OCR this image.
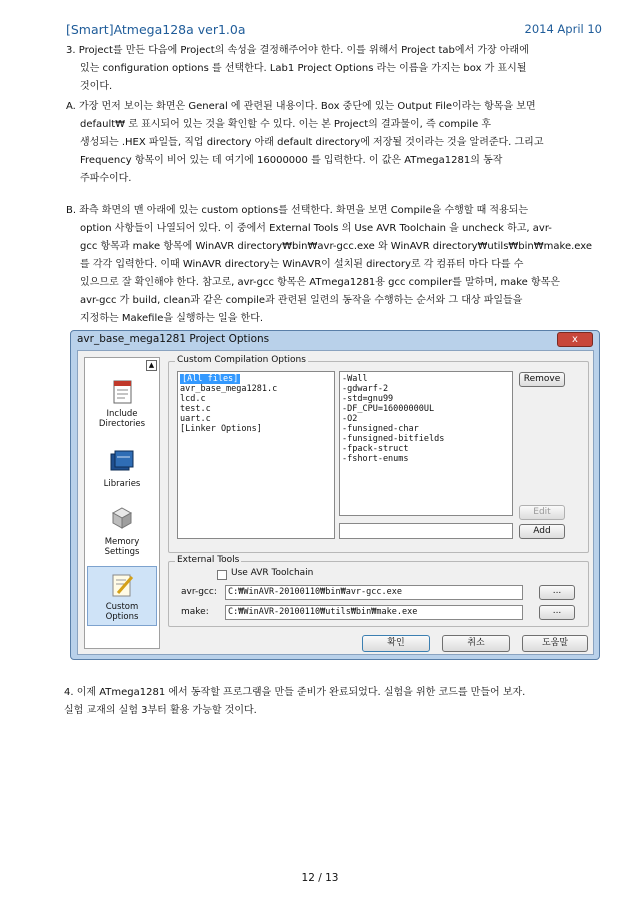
[Smart]Atmega128a ver1.0a	2014 April 10
3. Project를 만든 다음에 Project의 속성을 결정해주어야 한다. 이를 위해서 Project tab에서 가장 아래에
있는 configuration options 를 선택한다. Lab1 Project Options 라는 이름을 가지는 box 가 표시될
것이다.
A. 가장 먼저 보이는 화면은 General 에 관련된 내용이다. Box 중단에 있는 Output File이라는 항목을 보면
default₩ 로 표시되어 있는 것을 확인할 수 있다. 이는 본 Project의 결과물이, 즉 compile 후
생성되는 .HEX 파일들, 직업 directory 아래 default directory에 저장될 것이라는 것을 알려준다. 그리고
Frequency 항목이 비어 있는 데 여기에 16000000 를 입력한다. 이 값은 ATmega1281의 동작
주파수이다.
B. 좌측 화면의 맨 아래에 있는 custom options를 선택한다. 화면을 보면 Compile을 수행할 때 적용되는
option 사항들이 나열되어 있다. 이 중에서 External Tools 의 Use AVR Toolchain 을 uncheck 하고, avr-
gcc 항목과 make 항목에 WinAVR directory₩bin₩avr-gcc.exe 와 WinAVR directory₩utils₩bin₩make.exe
를 각각 입력한다. 이때 WinAVR directory는 WinAVR이 설치된 directory로 각 컴퓨터 마다 다를 수
있으므로 잘 확인해야 한다. 참고로, avr-gcc 항목은 ATmega1281용 gcc compiler를 말하며, make 항목은
avr-gcc 가 build, clean과 같은 compile과 관련된 일련의 동작을 수행하는 순서와 그 대상 파일들을
지정하는 Makefile을 실행하는 일을 한다.
avr_base_mega1281 Project Options	x
▲
Include Directories
Libraries
Memory Settings
Custom Options
Custom Compilation Options
[All files]
avr_base_mega1281.c
lcd.c
test.c
uart.c
[Linker Options]
-Wall
-gdwarf-2
-std=gnu99
-DF_CPU=16000000UL
-O2
-funsigned-char
-funsigned-bitfields
-fpack-struct
-fshort-enums
Remove
Edit
Add
External Tools
Use AVR Toolchain
avr-gcc:	C:₩WinAVR-20100110₩bin₩avr-gcc.exe	...
make:	C:₩WinAVR-20100110₩utils₩bin₩make.exe	...
확인	취소	도움말
4. 이제 ATmega1281 에서 동작할 프로그램을 만들 준비가 완료되었다. 실험을 위한 코드를 만들어 보자.
실험 교재의 실험 3부터 활용 가능할 것이다.
12 / 13
